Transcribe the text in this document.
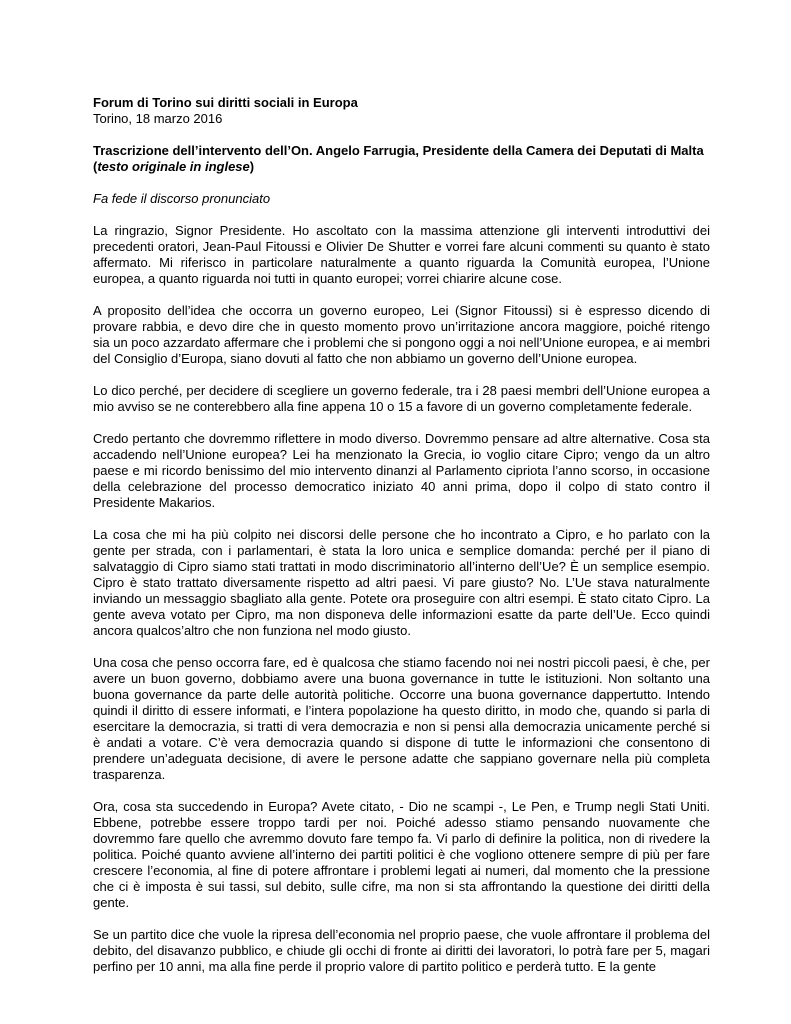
Forum di Torino sui diritti sociali in Europa

Torino, 18 marzo 2016

Trascrizione dell’intervento dell’On. Angelo Farrugia, Presidente della Camera dei Deputati di Malta (testo originale in inglese)

Fa fede il discorso pronunciato

La ringrazio, Signor Presidente. Ho ascoltato con la massima attenzione gli interventi introduttivi dei precedenti oratori, Jean-Paul Fitoussi e Olivier De Shutter e vorrei fare alcuni commenti su quanto è stato affermato. Mi riferisco in particolare naturalmente a quanto riguarda la Comunità europea, l’Unione europea, a quanto riguarda noi tutti in quanto europei; vorrei chiarire alcune cose.

A proposito dell’idea che occorra un governo europeo, Lei (Signor Fitoussi) si è espresso dicendo di provare rabbia, e devo dire che in questo momento provo un’irritazione ancora maggiore, poiché ritengo sia un poco azzardato affermare che i problemi che si pongono oggi a noi nell’Unione europea, e ai membri del Consiglio d’Europa, siano dovuti al fatto che non abbiamo un governo dell’Unione europea.

Lo dico perché, per decidere di scegliere un governo federale, tra i 28 paesi membri dell’Unione europea a mio avviso se ne conterebbero alla fine appena 10 o 15 a favore di un governo completamente federale.

Credo pertanto che dovremmo riflettere in modo diverso. Dovremmo pensare ad altre alternative. Cosa sta accadendo nell’Unione europea? Lei ha menzionato la Grecia, io voglio citare Cipro; vengo da un altro paese e mi ricordo benissimo del mio intervento dinanzi al Parlamento cipriota l’anno scorso, in occasione della celebrazione del processo democratico iniziato 40 anni prima, dopo il colpo di stato contro il Presidente Makarios.

La cosa che mi ha più colpito nei discorsi delle persone che ho incontrato a Cipro, e ho parlato con la gente per strada, con i parlamentari, è stata la loro unica e semplice domanda: perché per il piano di salvataggio di Cipro siamo stati trattati in modo discriminatorio all’interno dell’Ue? È un semplice esempio. Cipro è stato trattato diversamente rispetto ad altri paesi. Vi pare giusto? No. L’Ue stava naturalmente inviando un messaggio sbagliato alla gente. Potete ora proseguire con altri esempi. È stato citato Cipro. La gente aveva votato per Cipro, ma non disponeva delle informazioni esatte da parte dell’Ue. Ecco quindi ancora qualcos’altro che non funziona nel modo giusto.

Una cosa che penso occorra fare, ed è qualcosa che stiamo facendo noi nei nostri piccoli paesi, è che, per avere un buon governo, dobbiamo avere una buona governance in tutte le istituzioni. Non soltanto una buona governance da parte delle autorità politiche. Occorre una buona governance dappertutto. Intendo quindi il diritto di essere informati, e l’intera popolazione ha questo diritto, in modo che, quando si parla di esercitare la democrazia, si tratti di vera democrazia e non si pensi alla democrazia unicamente perché si è andati a votare. C’è vera democrazia quando si dispone di tutte le informazioni che consentono di prendere un’adeguata decisione, di avere le persone adatte che sappiano governare nella più completa trasparenza.

Ora, cosa sta succedendo in Europa? Avete citato, - Dio ne scampi -, Le Pen, e Trump negli Stati Uniti. Ebbene, potrebbe essere troppo tardi per noi. Poiché adesso stiamo pensando nuovamente che dovremmo fare quello che avremmo dovuto fare tempo fa. Vi parlo di definire la politica, non di rivedere la politica. Poiché quanto avviene all’interno dei partiti politici è che vogliono ottenere sempre di più per fare crescere l’economia, al fine di potere affrontare i problemi legati ai numeri, dal momento che la pressione che ci è imposta è sui tassi, sul debito, sulle cifre, ma non si sta affrontando la questione dei diritti della gente.

Se un partito dice che vuole la ripresa dell’economia nel proprio paese, che vuole affrontare il problema del debito, del disavanzo pubblico, e chiude gli occhi di fronte ai diritti dei lavoratori, lo potrà fare per 5, magari perfino per 10 anni, ma alla fine perde il proprio valore di partito politico e perderà tutto. E la gente
